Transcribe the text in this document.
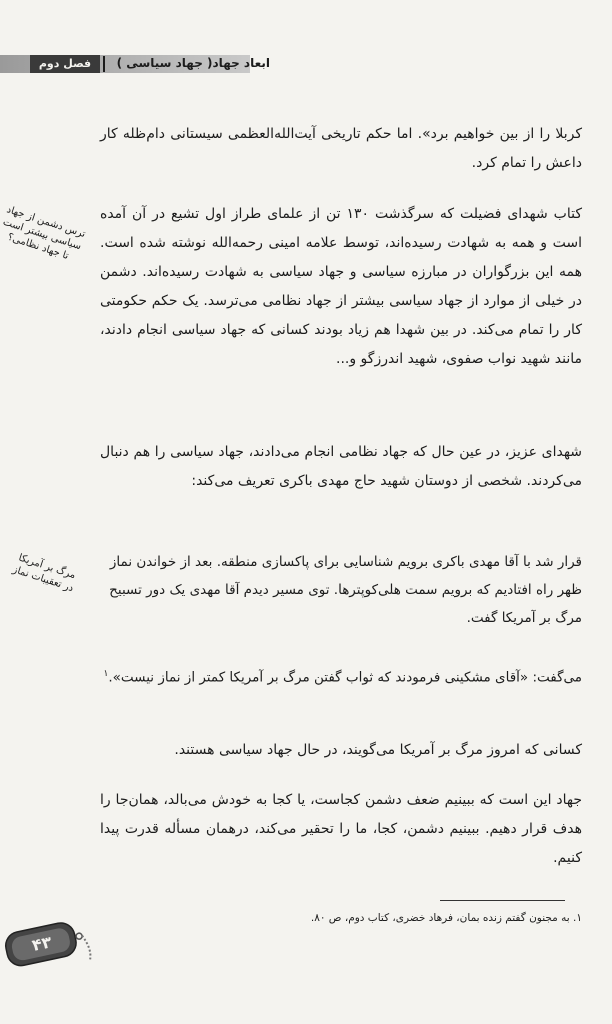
فصل دوم	ابعاد جهاد( جهاد سیاسی )
کربلا را از بین خواهیم برد». اما حکم تاریخی آیت‌الله‌العظمی سیستانی دام‌ظله کار داعش را تمام کرد.
کتاب شهدای فضیلت که سرگذشت ۱۳۰ تن از علمای طراز اول تشیع در آن آمده است و همه به شهادت رسیده‌اند، توسط علامه امینی رحمه‌الله نوشته شده است. همه این بزرگواران در مبارزه سیاسی و جهاد سیاسی به شهادت رسیده‌اند. دشمن در خیلی از موارد از جهاد سیاسی بیشتر از جهاد نظامی می‌ترسد. یک حکم حکومتی کار را تمام می‌کند. در بین شهدا هم زیاد بودند کسانی که جهاد سیاسی انجام دادند، مانند شهید نواب صفوی، شهید اندرزگو و...
شهدای عزیز، در عین حال که جهاد نظامی انجام می‌دادند، جهاد سیاسی را هم دنبال می‌کردند. شخصی از دوستان شهید حاج مهدی باکری تعریف می‌کند:
قرار شد با آقا مهدی باکری برویم شناسایی برای پاکسازی منطقه. بعد از خواندن نماز ظهر راه افتادیم که برویم سمت هلی‌کوپترها. توی مسیر دیدم آقا مهدی یک دور تسبیح مرگ بر آمریکا گفت.
می‌گفت: «آقای مشکینی فرمودند که ثواب گفتن مرگ بر آمریکا کمتر از نماز نیست».$^۱$
کسانی که امروز مرگ بر آمریکا می‌گویند، در حال جهاد سیاسی هستند.
جهاد این است که ببینیم ضعف دشمن کجاست، یا کجا به خودش می‌بالد، همان‌جا را هدف قرار دهیم. ببینیم دشمن، کجا، ما را تحقیر می‌کند، درهمان مسأله قدرت پیدا کنیم.
ترس دشمن از جهاد
سیاسی بیشتر است
تا جهاد نظامی؟
مرگ بر آمریکا
در تعقیبات نماز
۱. به مجنون گفتم زنده بمان، فرهاد خضری، کتاب دوم، ص ۸۰.
۴۳
